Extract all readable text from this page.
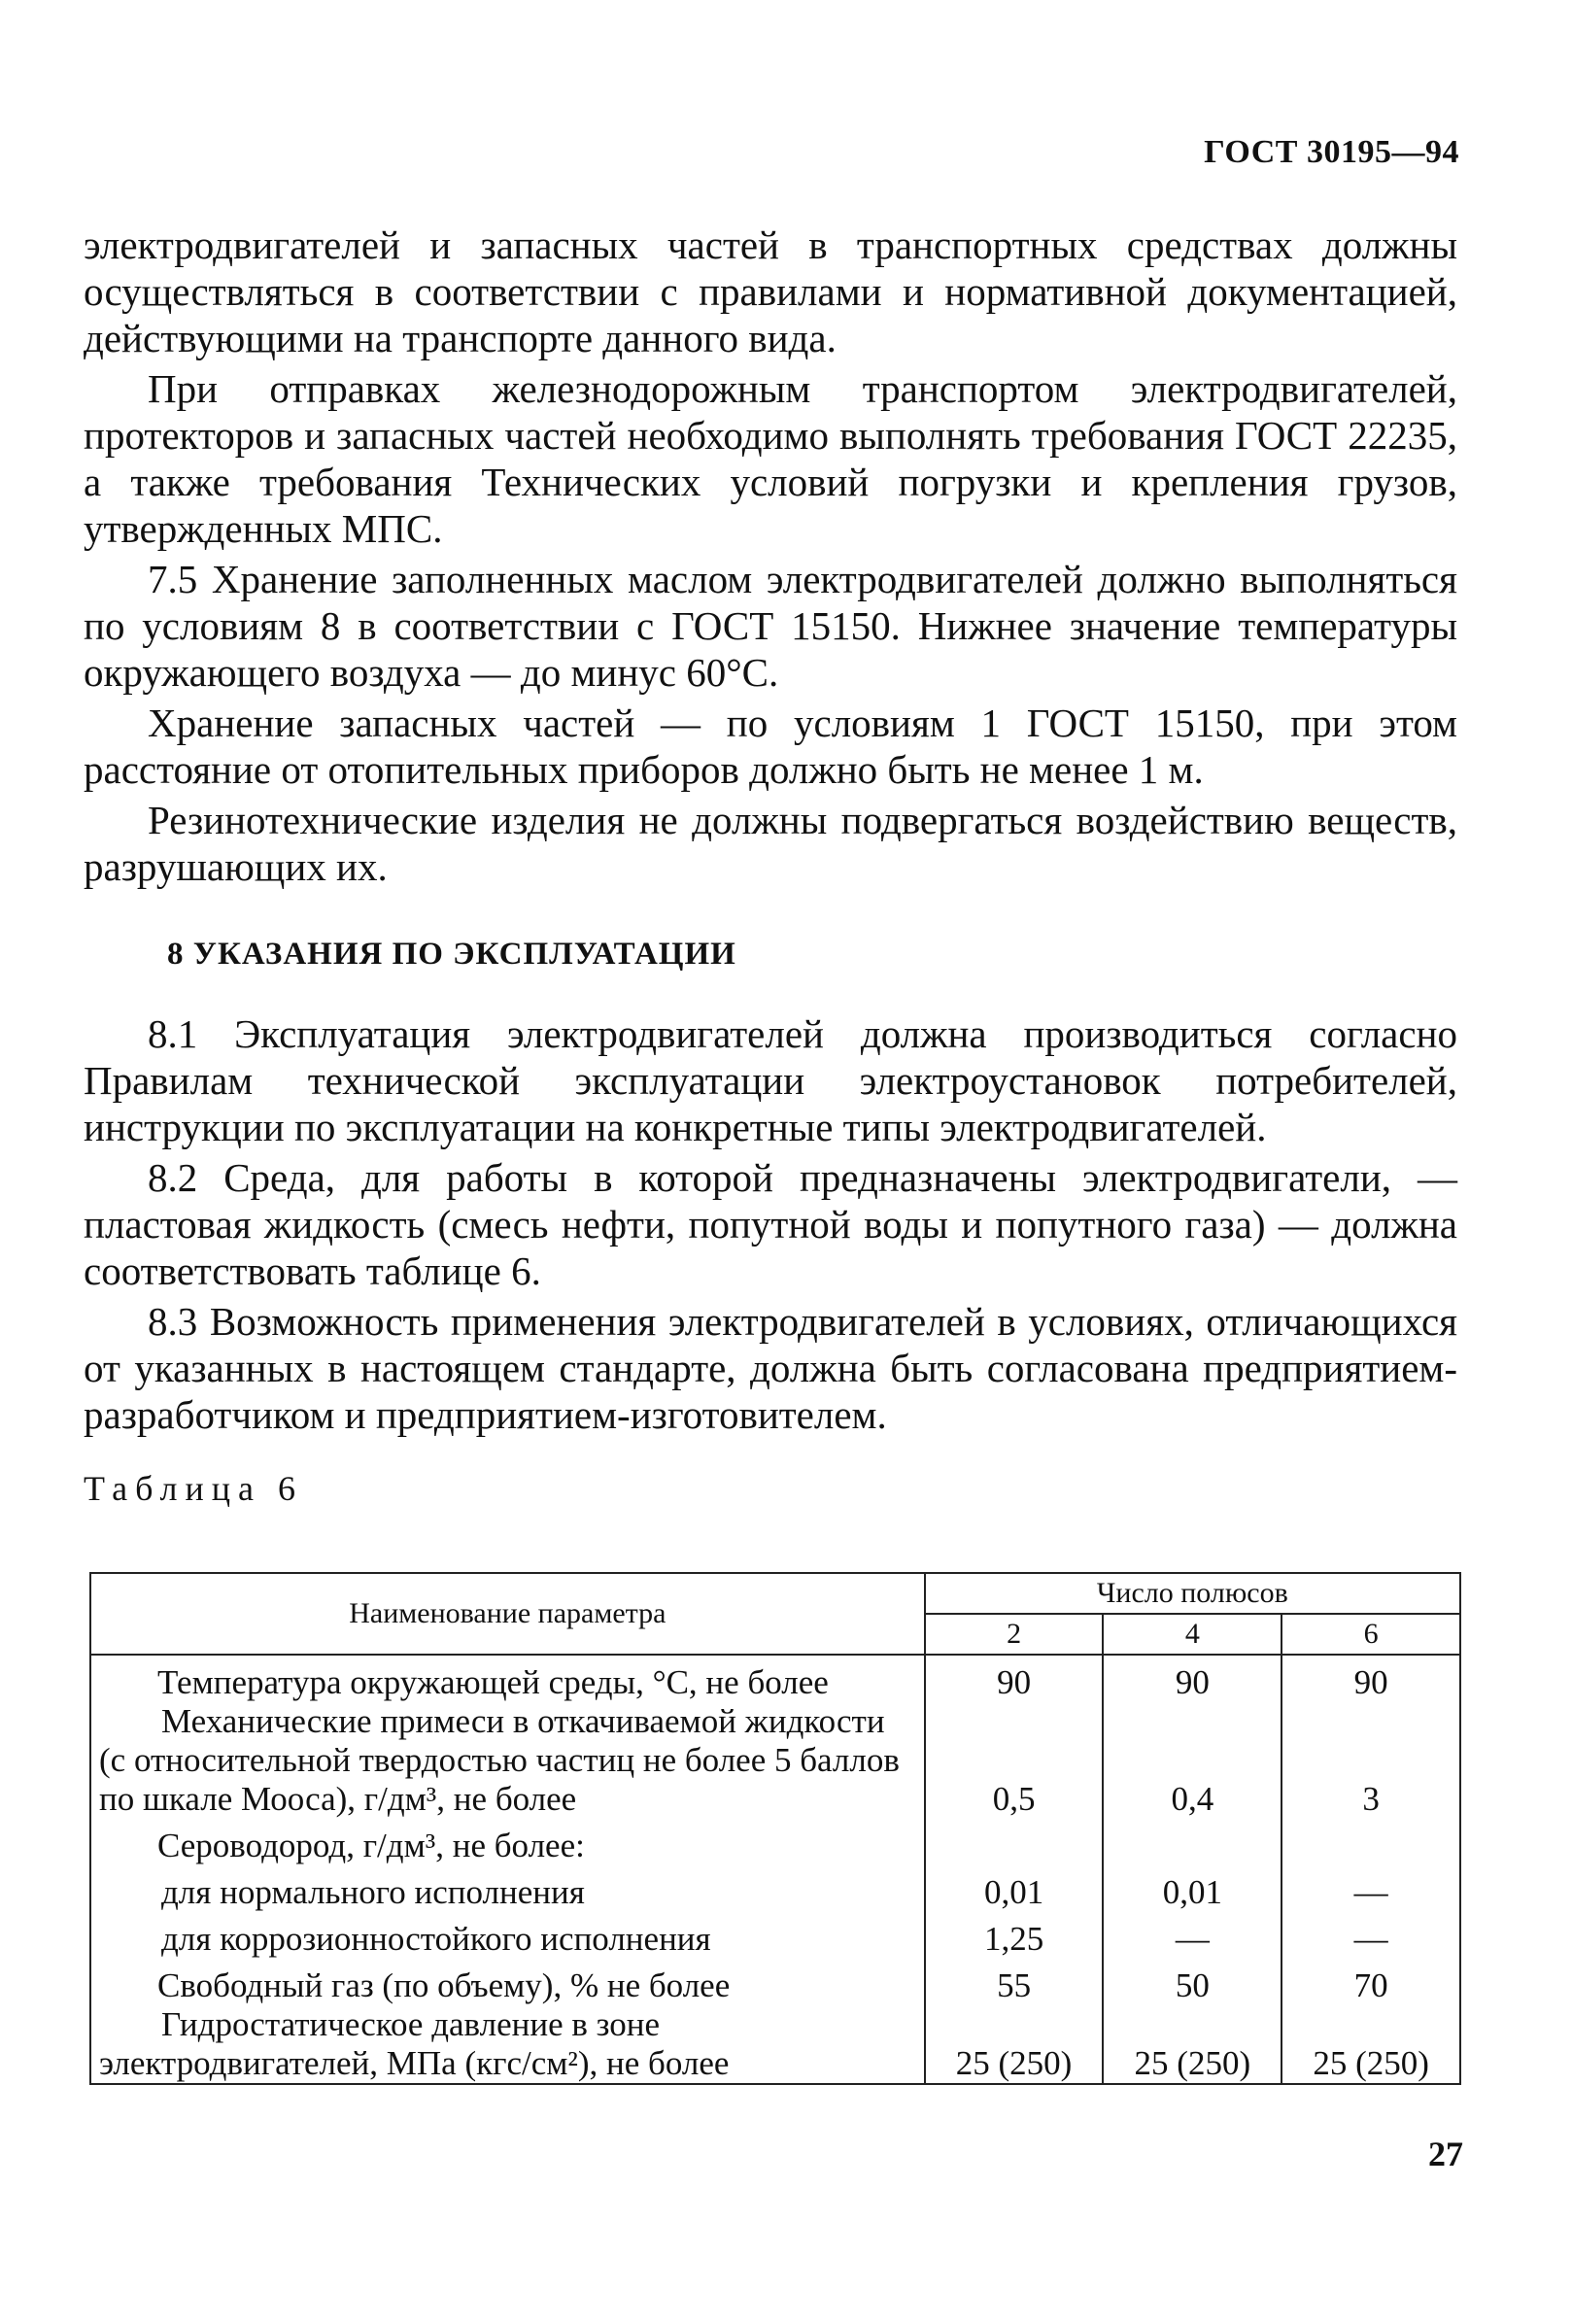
ГОСТ 30195—94

электродвигателей и запасных частей в транспортных средствах должны осуществляться в соответствии с правилами и нормативной документацией, действующими на транспорте данного вида.

При отправках железнодорожным транспортом электродвигателей, протекторов и запасных частей необходимо выполнять требования ГОСТ 22235, а также требования Технических условий погрузки и крепления грузов, утвержденных МПС.

7.5 Хранение заполненных маслом электродвигателей должно выполняться по условиям 8 в соответствии с ГОСТ 15150. Нижнее значение температуры окружающего воздуха — до минус 60°С.

Хранение запасных частей — по условиям 1 ГОСТ 15150, при этом расстояние от отопительных приборов должно быть не менее 1 м.

Резинотехнические изделия не должны подвергаться воздействию веществ, разрушающих их.

8 УКАЗАНИЯ ПО ЭКСПЛУАТАЦИИ

8.1 Эксплуатация электродвигателей должна производиться согласно Правилам технической эксплуатации электроустановок потребителей, инструкции по эксплуатации на конкретные типы электродвигателей.

8.2 Среда, для работы в которой предназначены электродвигатели, — пластовая жидкость (смесь нефти, попутной воды и попутного газа) — должна соответствовать таблице 6.

8.3 Возможность применения электродвигателей в условиях, отличающихся от указанных в настоящем стандарте, должна быть согласована предприятием-разработчиком и предприятием-изготовителем.

Таблица 6
Наименование параметра	Число полюсов		
	2	4	6
Температура окружающей среды, °С, не более	90	90	90
Механические примеси в откачиваемой жидкости (с относительной твердостью частиц не более 5 баллов по шкале Мооса), г/дм³, не более	0,5	0,4	3
Сероводород, г/дм³, не более:			
для нормального исполнения	0,01	0,01	—
для коррозионностойкого исполнения	1,25	—	—
Свободный газ (по объему), % не более	55	50	70
Гидростатическое давление в зоне электродвигателей, МПа (кгс/см²), не более	25 (250)	25 (250)	25 (250)
27
